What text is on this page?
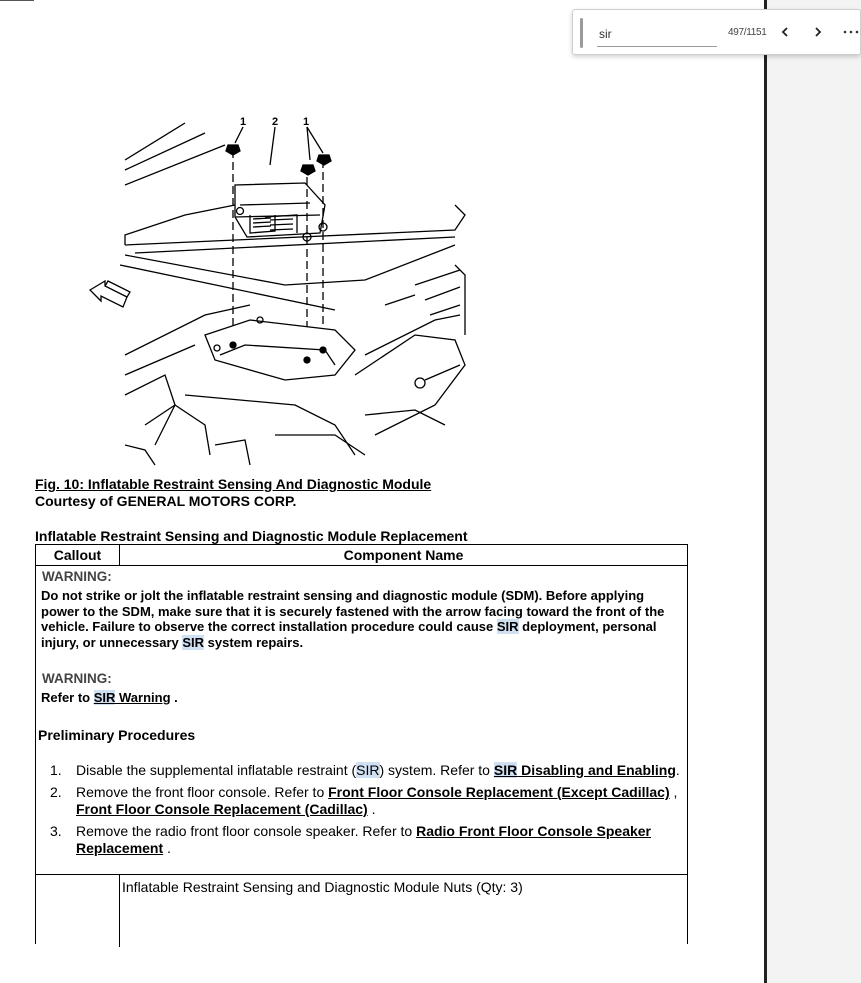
1 2 1
Fig. 10: Inflatable Restraint Sensing And Diagnostic Module
Courtesy of GENERAL MOTORS CORP.
Inflatable Restraint Sensing and Diagnostic Module Replacement
Callout	Component Name
WARNING:
Do not strike or jolt the inflatable restraint sensing and diagnostic module (SDM). Before applying power to the SDM, make sure that it is securely fastened with the arrow facing toward the front of the vehicle. Failure to observe the correct installation procedure could cause SIR deployment, personal injury, or unnecessary SIR system repairs.
WARNING:
Refer to SIR Warning .
Preliminary Procedures
1. Disable the supplemental inflatable restraint (SIR) system. Refer to SIR Disabling and Enabling.
2. Remove the front floor console. Refer to Front Floor Console Replacement (Except Cadillac) , Front Floor Console Replacement (Cadillac) .
3. Remove the radio front floor console speaker. Refer to Radio Front Floor Console Speaker Replacement .
Inflatable Restraint Sensing and Diagnostic Module Nuts (Qty: 3)
sir
497/1151
